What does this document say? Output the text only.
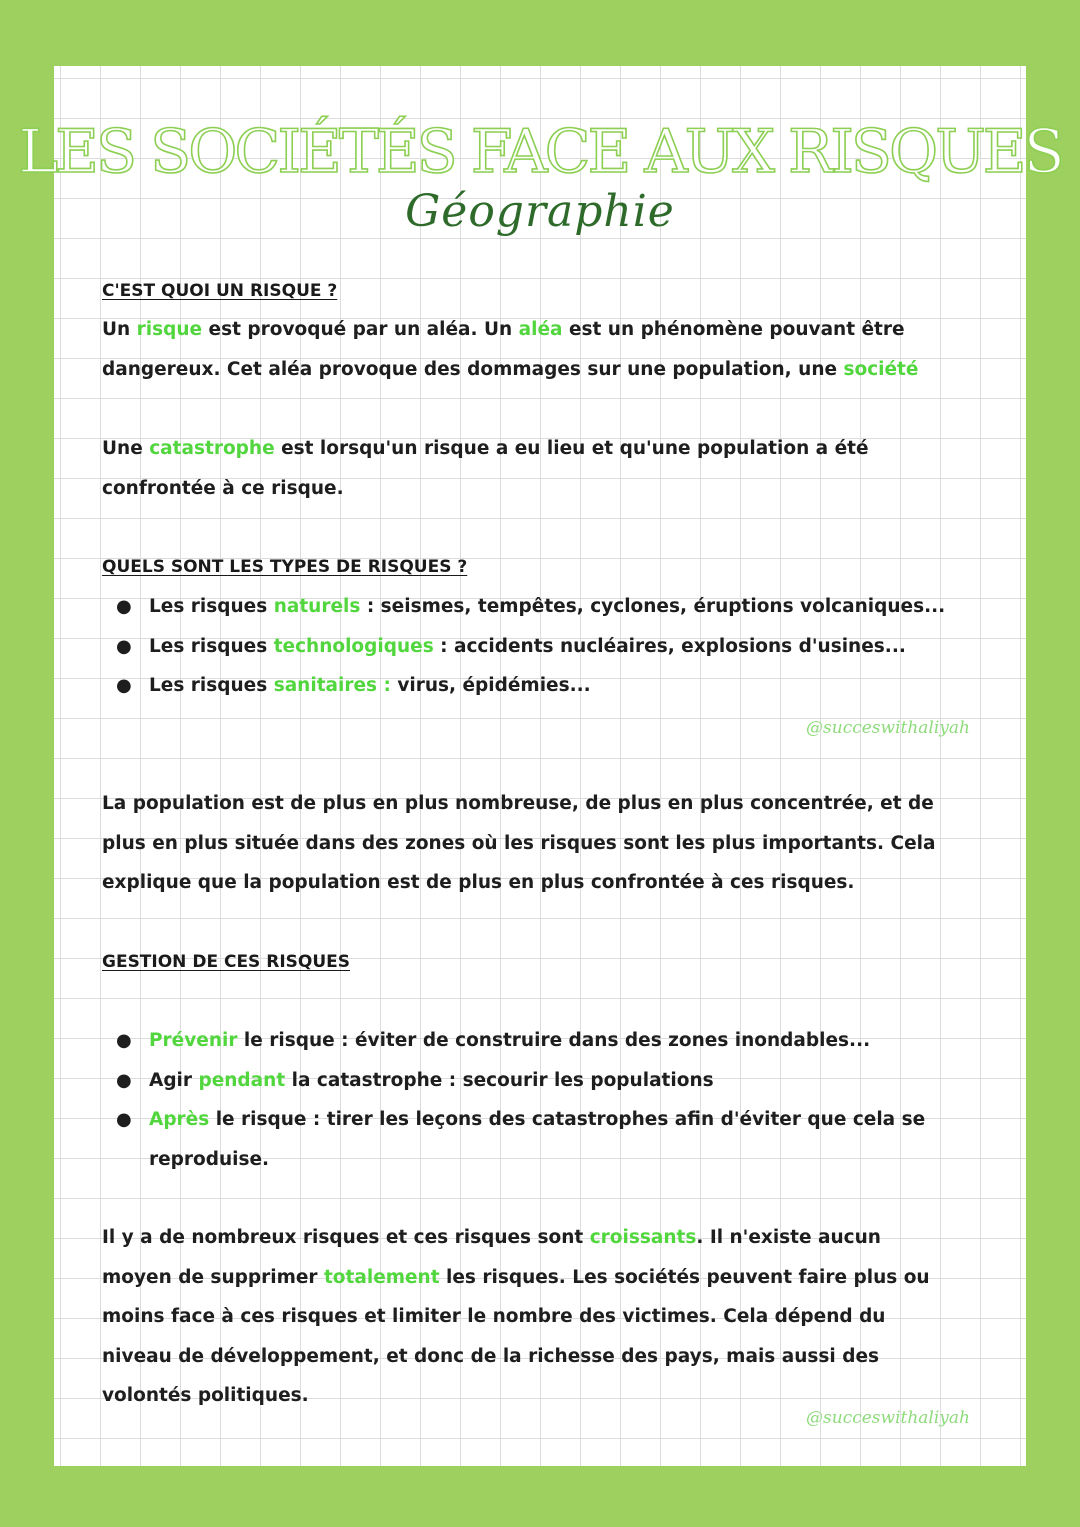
LES SOCIÉTÉS FACE AUX RISQUES
Géographie
C'EST QUOI UN RISQUE ?

Un risque est provoqué par un aléa. Un aléa est un phénomène pouvant être
dangereux. Cet aléa provoque des dommages sur une population, une société

Une catastrophe est lorsqu'un risque a eu lieu et qu'une population a été
confrontée à ce risque.

QUELS SONT LES TYPES DE RISQUES ?
● Les risques naturels : seismes, tempêtes, cyclones, éruptions volcaniques...
● Les risques technologiques : accidents nucléaires, explosions d'usines...
● Les risques sanitaires : virus, épidémies...
@succeswithaliyah

La population est de plus en plus nombreuse, de plus en plus concentrée, et de
plus en plus située dans des zones où les risques sont les plus importants. Cela
explique que la population est de plus en plus confrontée à ces risques.

GESTION DE CES RISQUES
● Prévenir le risque : éviter de construire dans des zones inondables...
● Agir pendant la catastrophe : secourir les populations
● Après le risque : tirer les leçons des catastrophes afin d'éviter que cela se
reproduise.

Il y a de nombreux risques et ces risques sont croissants. Il n'existe aucun
moyen de supprimer totalement les risques. Les sociétés peuvent faire plus ou
moins face à ces risques et limiter le nombre des victimes. Cela dépend du
niveau de développement, et donc de la richesse des pays, mais aussi des
volontés politiques.

@succeswithaliyah
